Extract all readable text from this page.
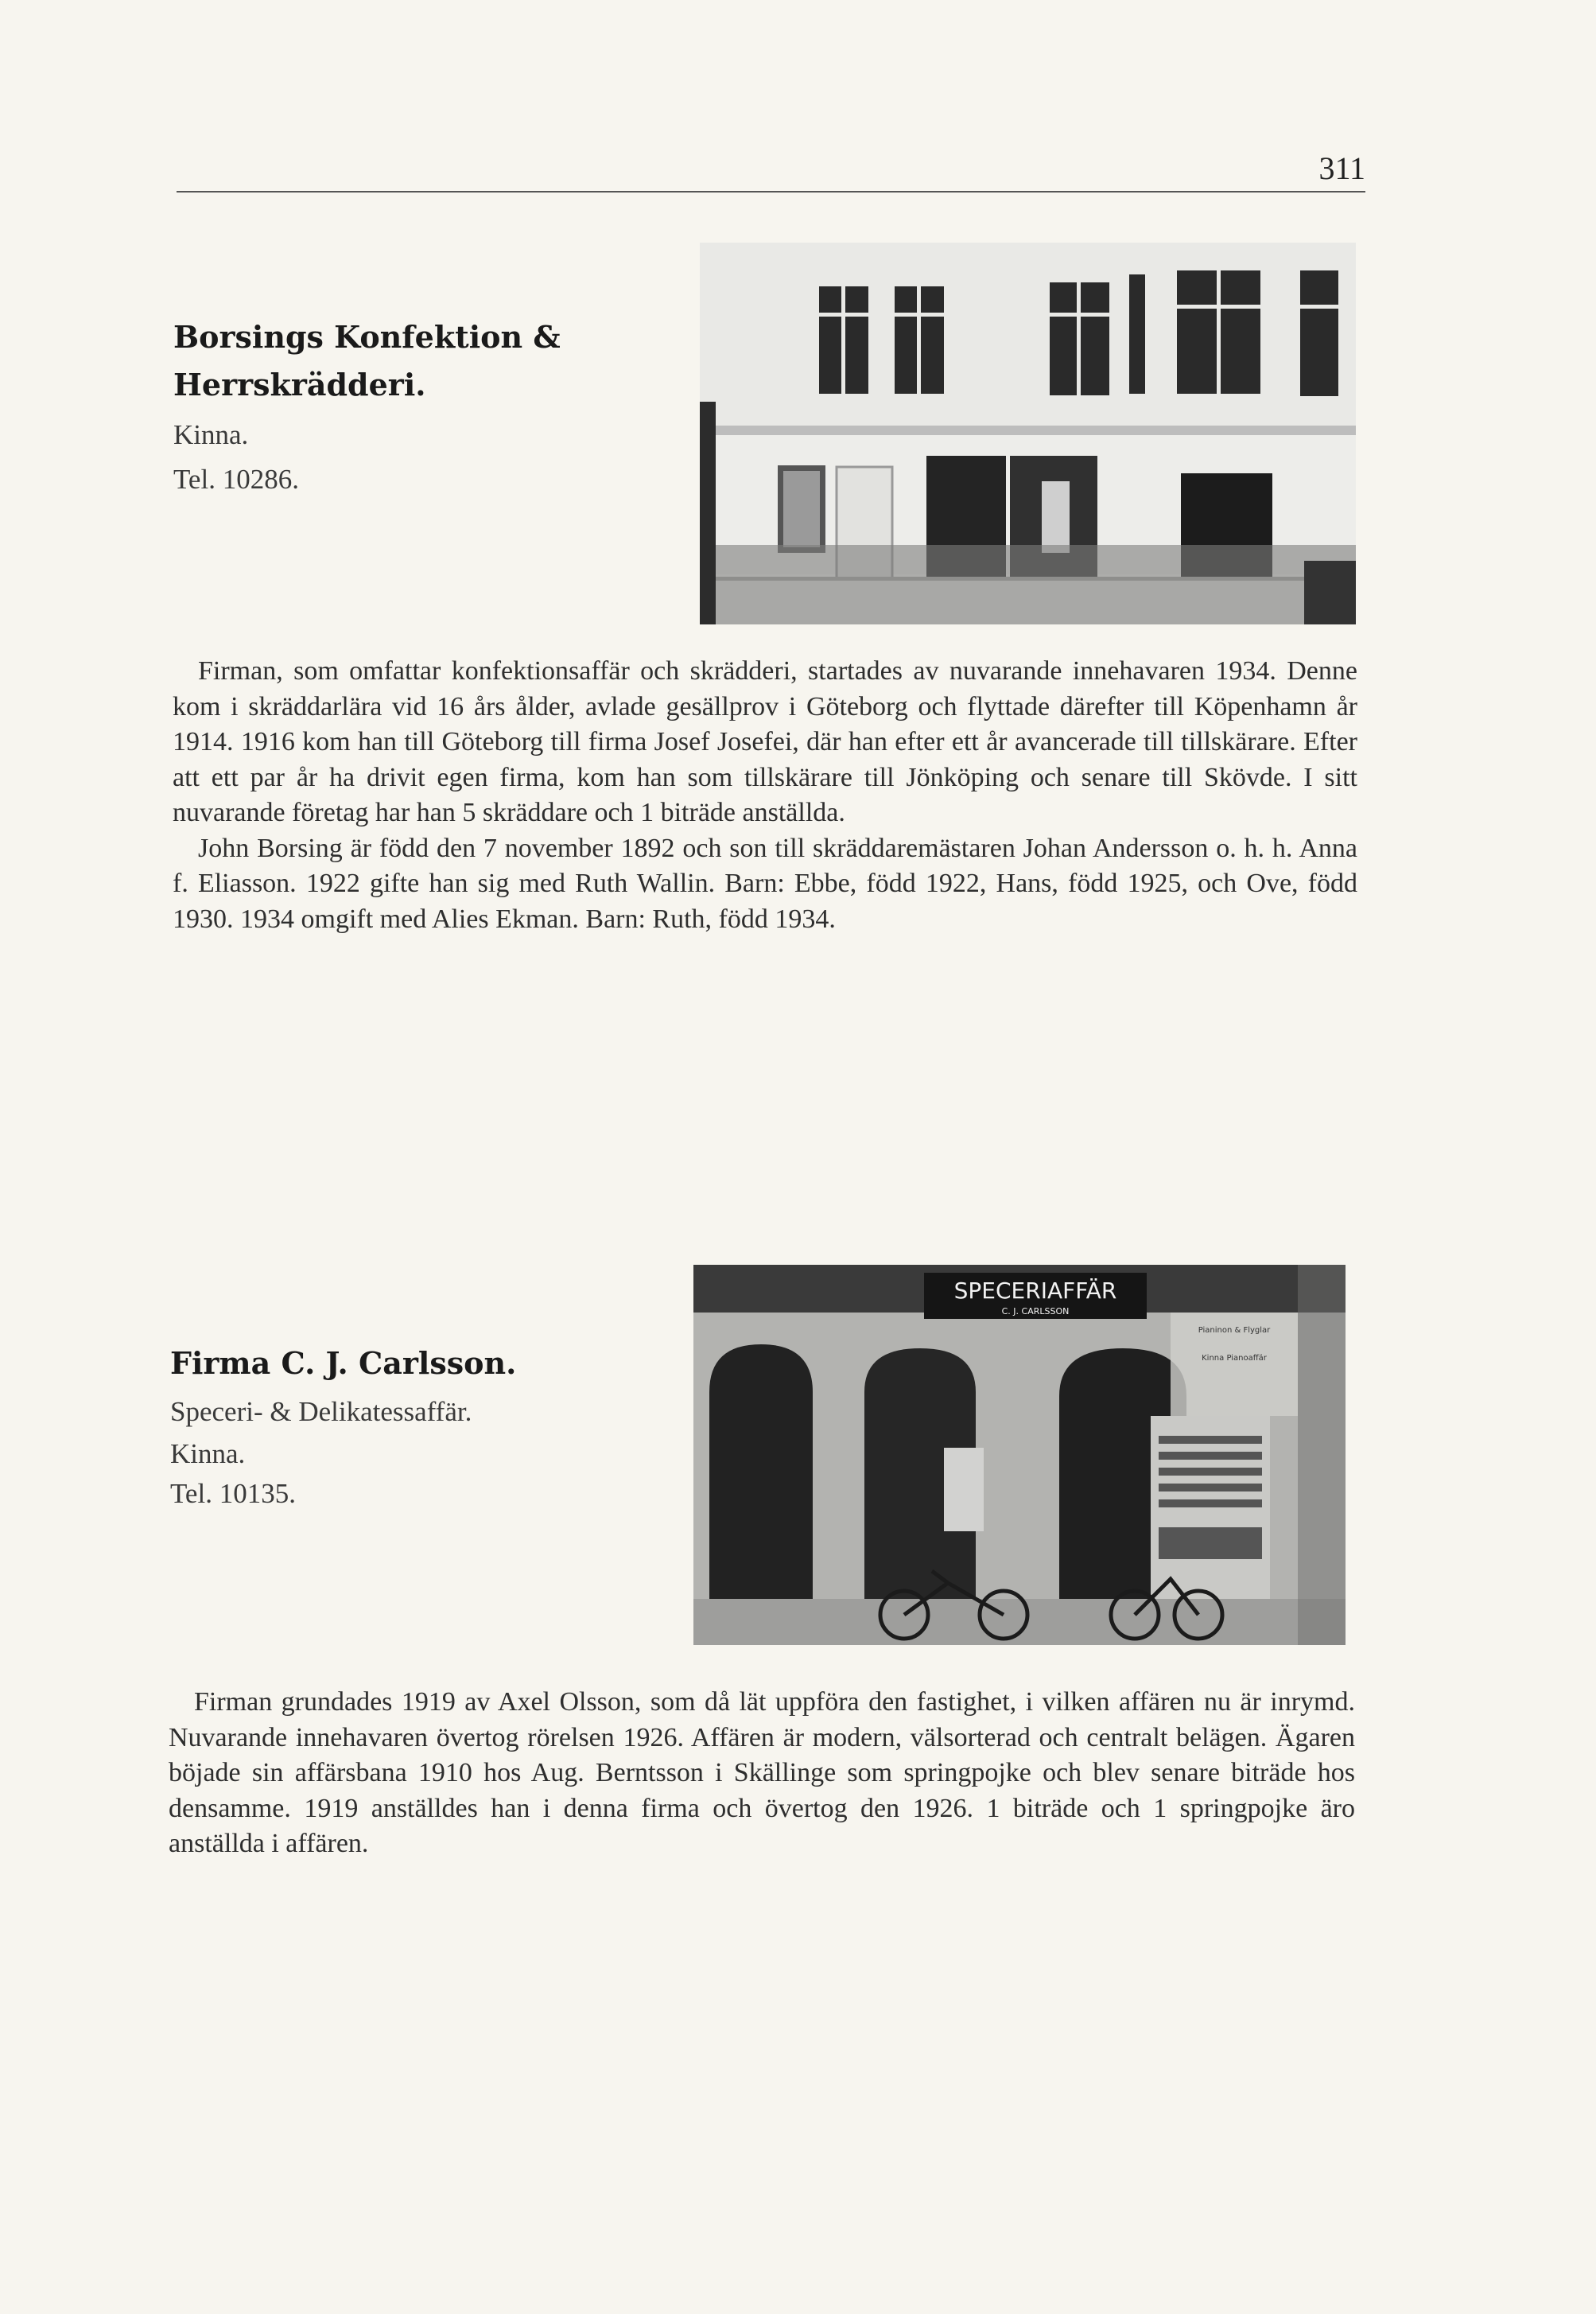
311
Borsings Konfektion &
Herrskrädderi.
Kinna.
Tel. 10286.

Firman, som omfattar konfektionsaffär och skrädderi, startades av nuvarande innehavaren 1934. Denne kom i skräddarlära vid 16 års ålder, avlade gesällprov i Göteborg och flyttade därefter till Köpenhamn år 1914. 1916 kom han till Göteborg till firma Josef Josefei, där han efter ett år avancerade till tillskärare. Efter att ett par år ha drivit egen firma, kom han som tillskärare till Jönköping och senare till Skövde. I sitt nuvarande företag har han 5 skräddare och 1 biträde anställda.

John Borsing är född den 7 november 1892 och son till skräddaremästaren Johan Andersson o. h. h. Anna f. Eliasson. 1922 gifte han sig med Ruth Wallin. Barn: Ebbe, född 1922, Hans, född 1925, och Ove, född 1930. 1934 omgift med Alies Ekman. Barn: Ruth, född 1934.

Firma C. J. Carlsson.
Speceri- & Delikatessaffär.
Kinna.
Tel. 10135.
SPECERIAFFÄR
C. J. CARLSSON
Pianinon & Flyglar
Kinna Pianoaffär

Firman grundades 1919 av Axel Olsson, som då lät uppföra den fastighet, i vilken affären nu är inrymd. Nuvarande innehavaren övertog rörelsen 1926. Affären är modern, välsorterad och centralt belägen. Ägaren böjade sin affärsbana 1910 hos Aug. Berntsson i Skällinge som springpojke och blev senare biträde hos densamme. 1919 anställdes han i denna firma och övertog den 1926. 1 biträde och 1 springpojke äro anställda i affären.
